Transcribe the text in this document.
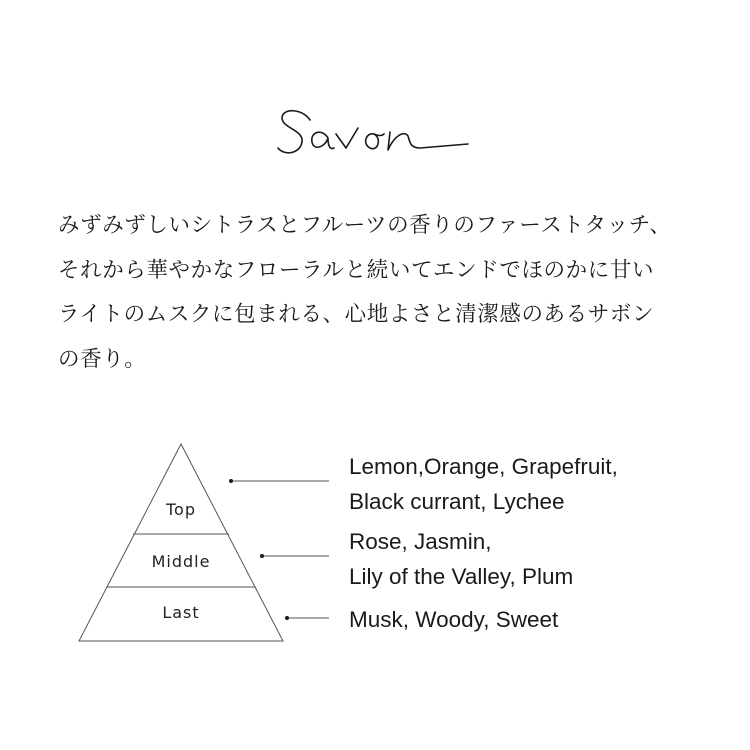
みずみずしいシトラスとフルーツの香りのファーストタッチ、
それから華やかなフローラルと続いてエンドでほのかに甘い
ライトのムスクに包まれる、心地よさと清潔感のあるサボン
の香り。

Top
Middle
Last

Lemon,Orange, Grapefruit,
Black currant, Lychee

Rose, Jasmin,
Lily of the Valley, Plum

Musk, Woody, Sweet
